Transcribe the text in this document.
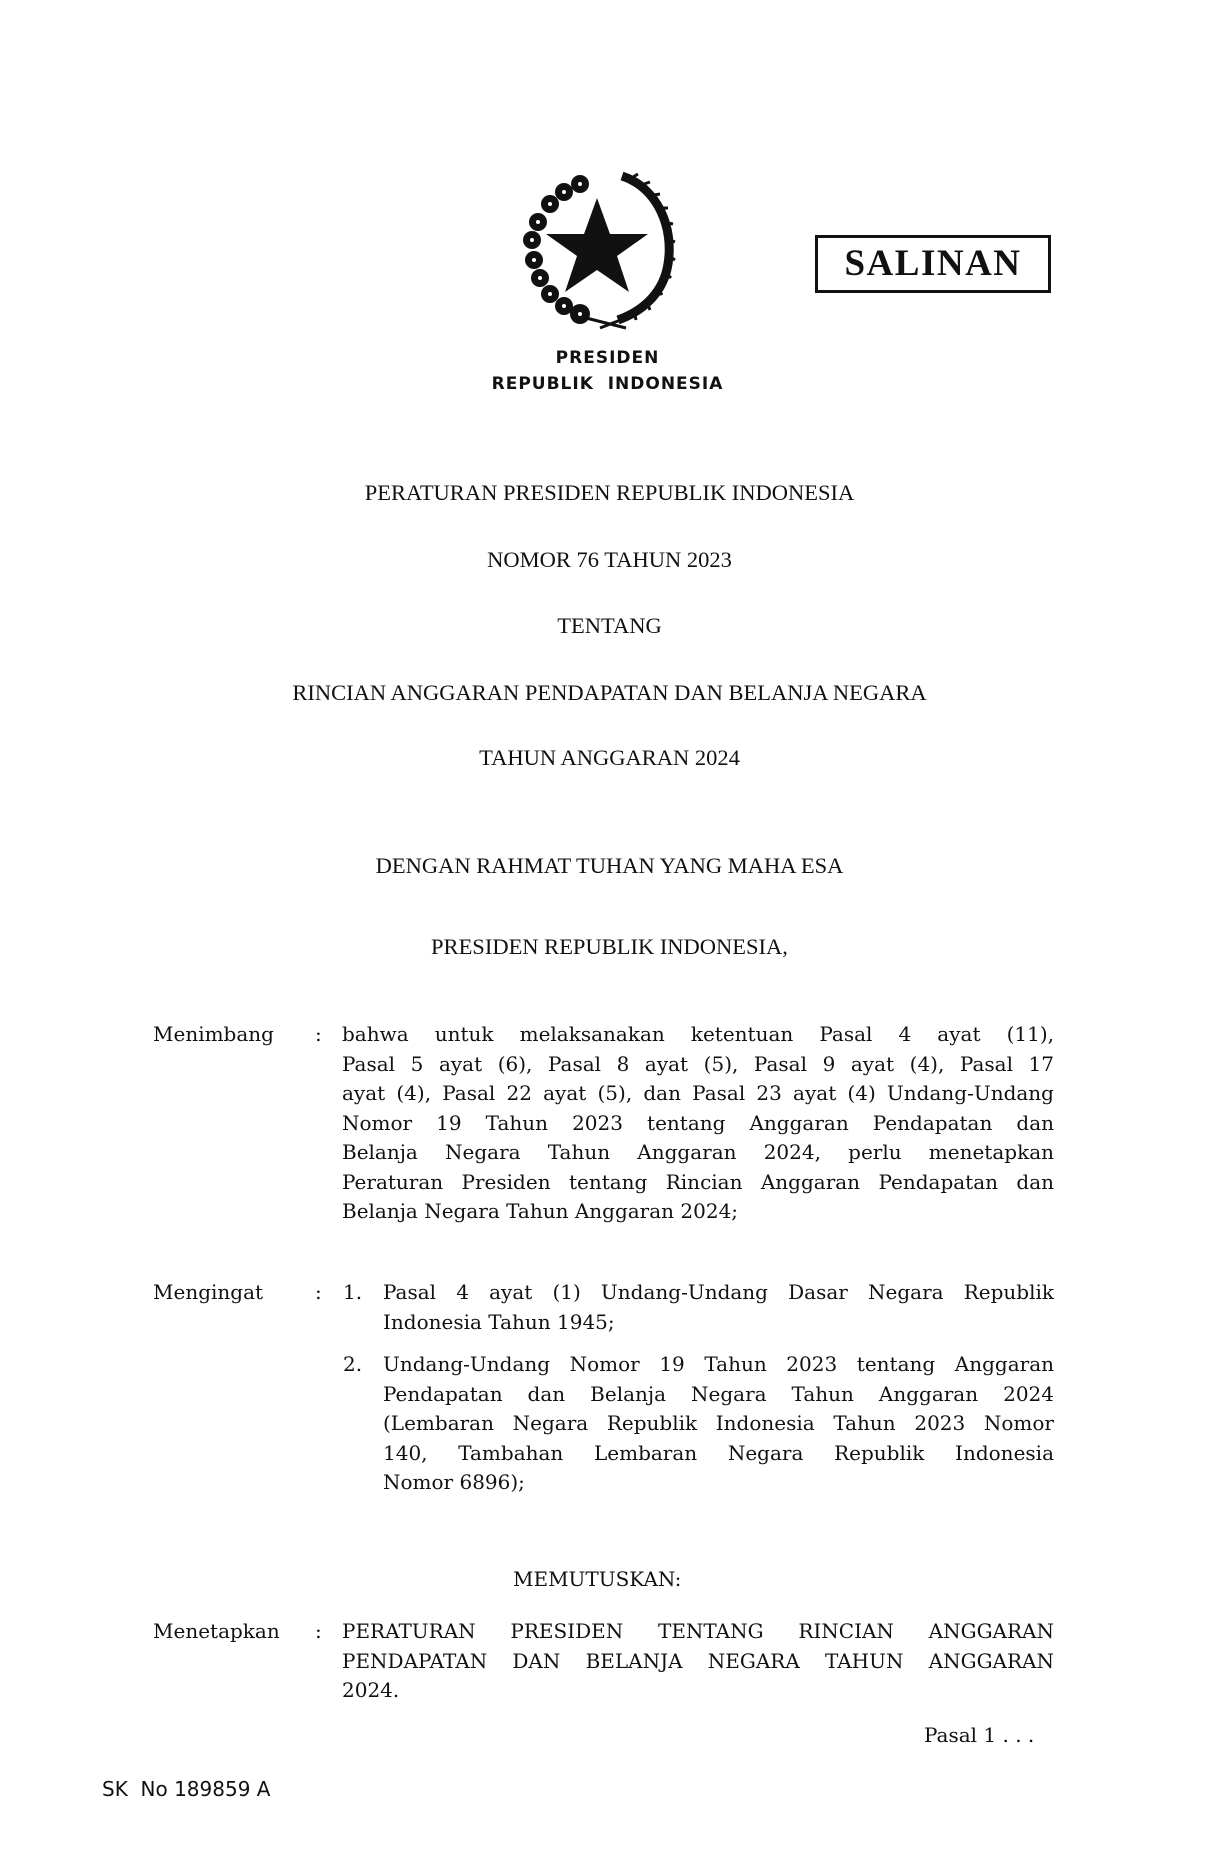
SALINAN
PRESIDEN
REPUBLIK  INDONESIA
PERATURAN PRESIDEN REPUBLIK INDONESIA
NOMOR 76 TAHUN 2023
TENTANG
RINCIAN ANGGARAN PENDAPATAN DAN BELANJA NEGARA
TAHUN ANGGARAN 2024
DENGAN RAHMAT TUHAN YANG MAHA ESA
PRESIDEN REPUBLIK INDONESIA,
Menimbang : bahwa untuk melaksanakan ketentuan Pasal 4 ayat (11),
Pasal 5 ayat (6), Pasal 8 ayat (5), Pasal 9 ayat (4), Pasal 17
ayat (4), Pasal 22 ayat (5), dan Pasal 23 ayat (4) Undang-Undang
Nomor 19 Tahun 2023 tentang Anggaran Pendapatan dan
Belanja Negara Tahun Anggaran 2024, perlu menetapkan
Peraturan Presiden tentang Rincian Anggaran Pendapatan dan
Belanja Negara Tahun Anggaran 2024;
Mengingat	: 1. Pasal 4 ayat (1) Undang-Undang Dasar Negara Republik
Indonesia Tahun 1945;
2. Undang-Undang Nomor 19 Tahun 2023 tentang Anggaran
Pendapatan dan Belanja Negara Tahun Anggaran 2024
(Lembaran Negara Republik Indonesia Tahun 2023 Nomor
140, Tambahan Lembaran Negara Republik Indonesia
Nomor 6896);
MEMUTUSKAN:
Menetapkan : PERATURAN PRESIDEN TENTANG RINCIAN ANGGARAN
PENDAPATAN DAN BELANJA NEGARA TAHUN ANGGARAN
2024.
Pasal 1 . . .
SK  No 189859 A
